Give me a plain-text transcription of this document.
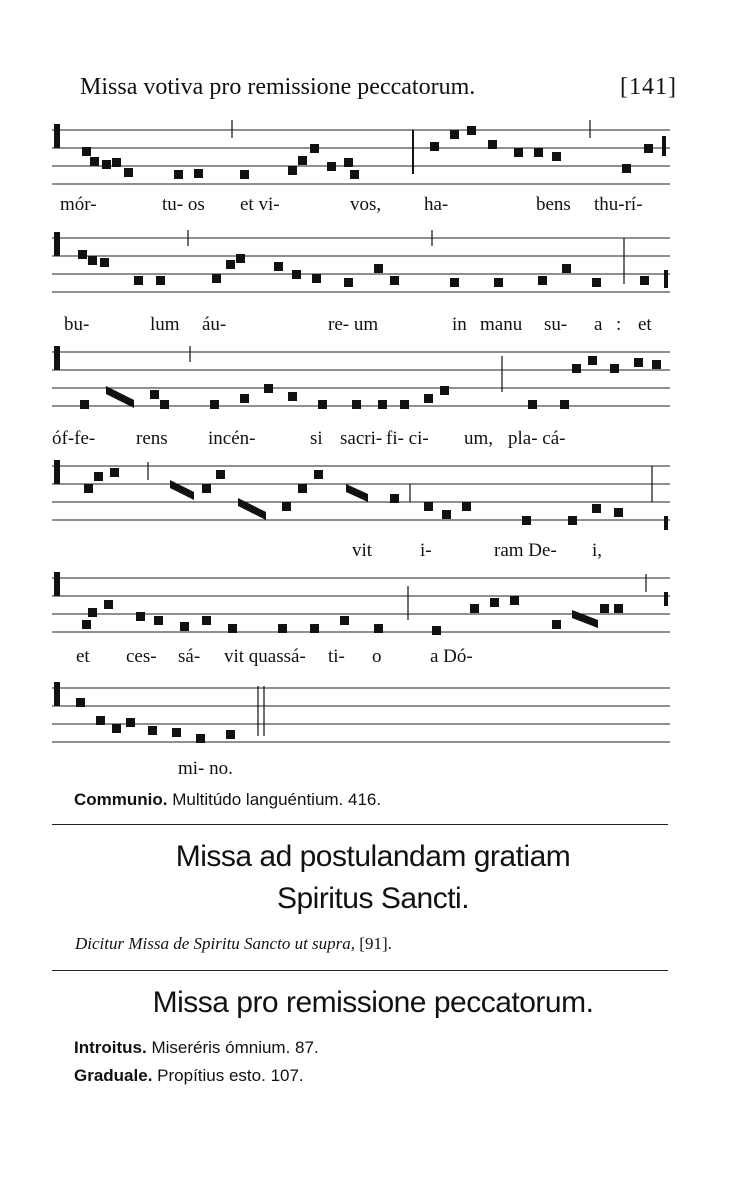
Missa votiva pro remissione peccatorum.	[141]
mór-	tu- os et vi-	vos, ha-	bens thu-rí-
bu-	lum áu-	re- um	in manu su- a : et
óf-fe- rens incén-	si sacri- fi- ci- um, pla- cá-
vit	i-	ram De- i,
et ces- sá- vit quassá- ti- o	a Dó-
mi- no.
Communio. Multitúdo languéntium. 416.
Missa ad postulandam gratiam
Spiritus Sancti.
Dicitur Missa de Spiritu Sancto ut supra, [91].
Missa pro remissione peccatorum.
Introitus. Miseréris ómnium. 87.
Graduale. Propítius esto. 107.
